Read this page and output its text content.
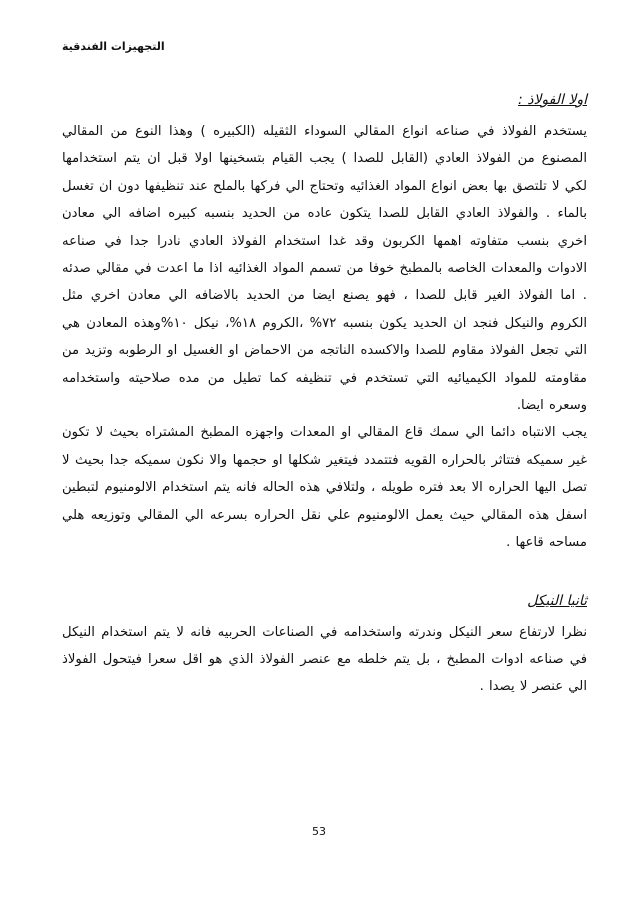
التجهيزات الفندقية
اولا الفولاذ :

يستخدم الفولاذ في صناعه انواع المقالي السوداء الثقيله (الكبيره ) وهذا النوع من المقالي المصنوع من الفولاذ العادي (القابل للصدا ) يجب القيام بتسخينها اولا قبل ان يتم استخدامها لكي لا تلتصق بها بعض انواع المواد الغذائيه وتحتاج الي فركها بالملح عند تنظيفها دون ان تغسل بالماء . والفولاذ العادي القابل للصدا يتكون عاده من الحديد بنسبه كبيره اضافه الي معادن اخري بنسب متفاوته اهمها الكربون وقد غدا استخدام الفولاذ العادي نادرا جدا في صناعه الادوات والمعدات الخاصه بالمطبخ خوفا من تسمم المواد الغذائيه اذا ما اعدت في مقالي صدئه . اما الفولاذ الغير قابل للصدا ، فهو يصنع ايضا من الحديد بالاضافه الي معادن اخري مثل الكروم والنيكل فنجد ان الحديد يكون بنسبه ٧٢% ،الكروم ١٨%، نيكل ١٠%وهذه المعادن هي التي تجعل الفولاذ مقاوم للصدا والاكسده الناتجه من الاحماض او الغسيل او الرطوبه وتزيد من مقاومته للمواد الكيميائيه التي تستخدم في تنظيفه كما تطيل من مده صلاحيته واستخدامه وسعره ايضا.

يجب الانتباه دائما الي سمك قاع المقالي او المعدات واجهزه المطبخ المشتراه بحيث لا تكون غير سميكه فتتاثر بالحراره القويه فتتمدد فيتغير شكلها او حجمها والا نكون سميكه جدا بحيث لا تصل اليها الحراره الا بعد فتره طويله ، ولتلافي هذه الحاله فانه يتم استخدام الالومنيوم لتبطين اسفل هذه المقالي حيث يعمل الالومنيوم علي نقل الحراره بسرعه الي المقالي وتوزيعه هلي مساحه قاعها .

ثانيا النيكل

نظرا لارتفاع سعر النيكل وندرته واستخدامه في الصناعات الحربيه فانه لا يتم استخدام النيكل في صناعه ادوات المطبخ ، بل يتم خلطه مع عنصر الفولاذ الذي هو اقل سعرا فيتحول الفولاذ الي عنصر لا يصدا .

53
